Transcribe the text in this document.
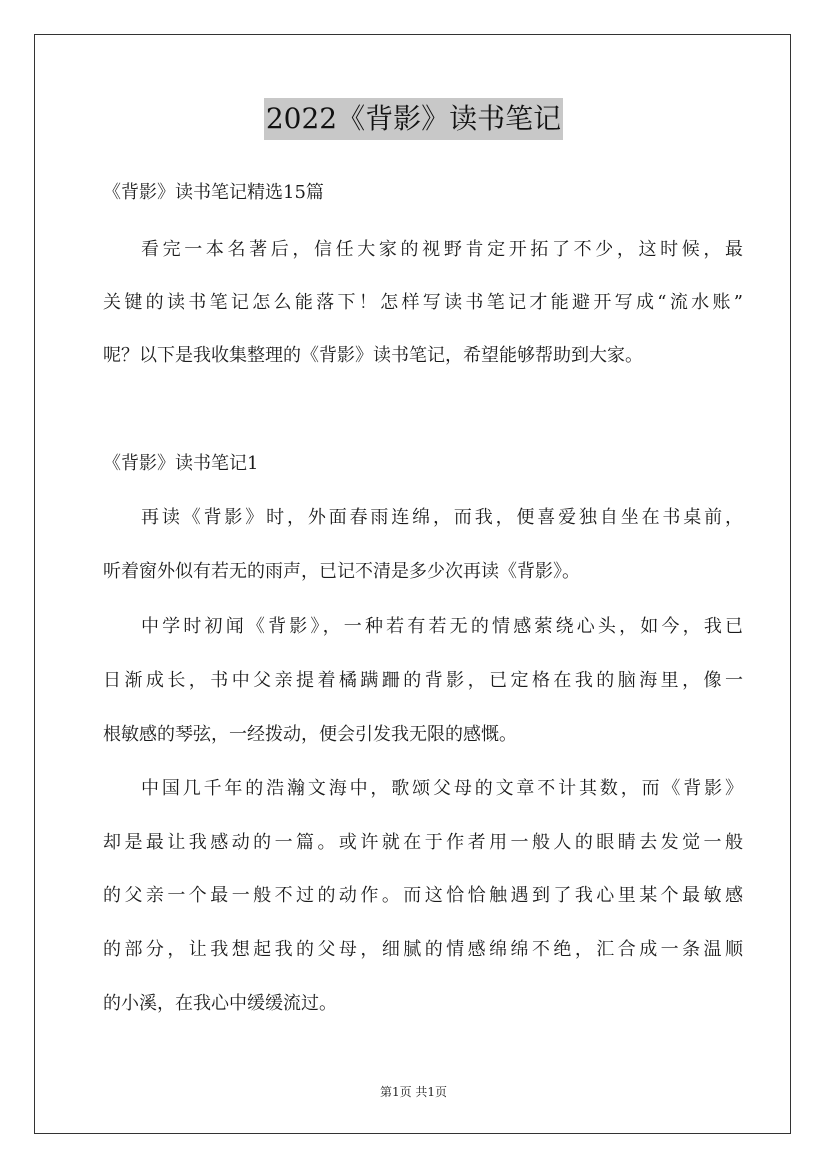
2022《背影》读书笔记
《背影》读书笔记精选15篇
看完一本名著后，信任大家的视野肯定开拓了不少，这时候，最
关键的读书笔记怎么能落下！怎样写读书笔记才能避开写成“流水账”
呢？以下是我收集整理的《背影》读书笔记，希望能够帮助到大家。
《背影》读书笔记1
再读《背影》时，外面春雨连绵，而我，便喜爱独自坐在书桌前，
听着窗外似有若无的雨声，已记不清是多少次再读《背影》。
中学时初闻《背影》，一种若有若无的情感萦绕心头，如今，我已
日渐成长，书中父亲提着橘蹒跚的背影，已定格在我的脑海里，像一
根敏感的琴弦，一经拨动，便会引发我无限的感慨。
中国几千年的浩瀚文海中，歌颂父母的文章不计其数，而《背影》
却是最让我感动的一篇。或许就在于作者用一般人的眼睛去发觉一般
的父亲一个最一般不过的动作。而这恰恰触遇到了我心里某个最敏感
的部分，让我想起我的父母，细腻的情感绵绵不绝，汇合成一条温顺
的小溪，在我心中缓缓流过。
第1页 共1页
